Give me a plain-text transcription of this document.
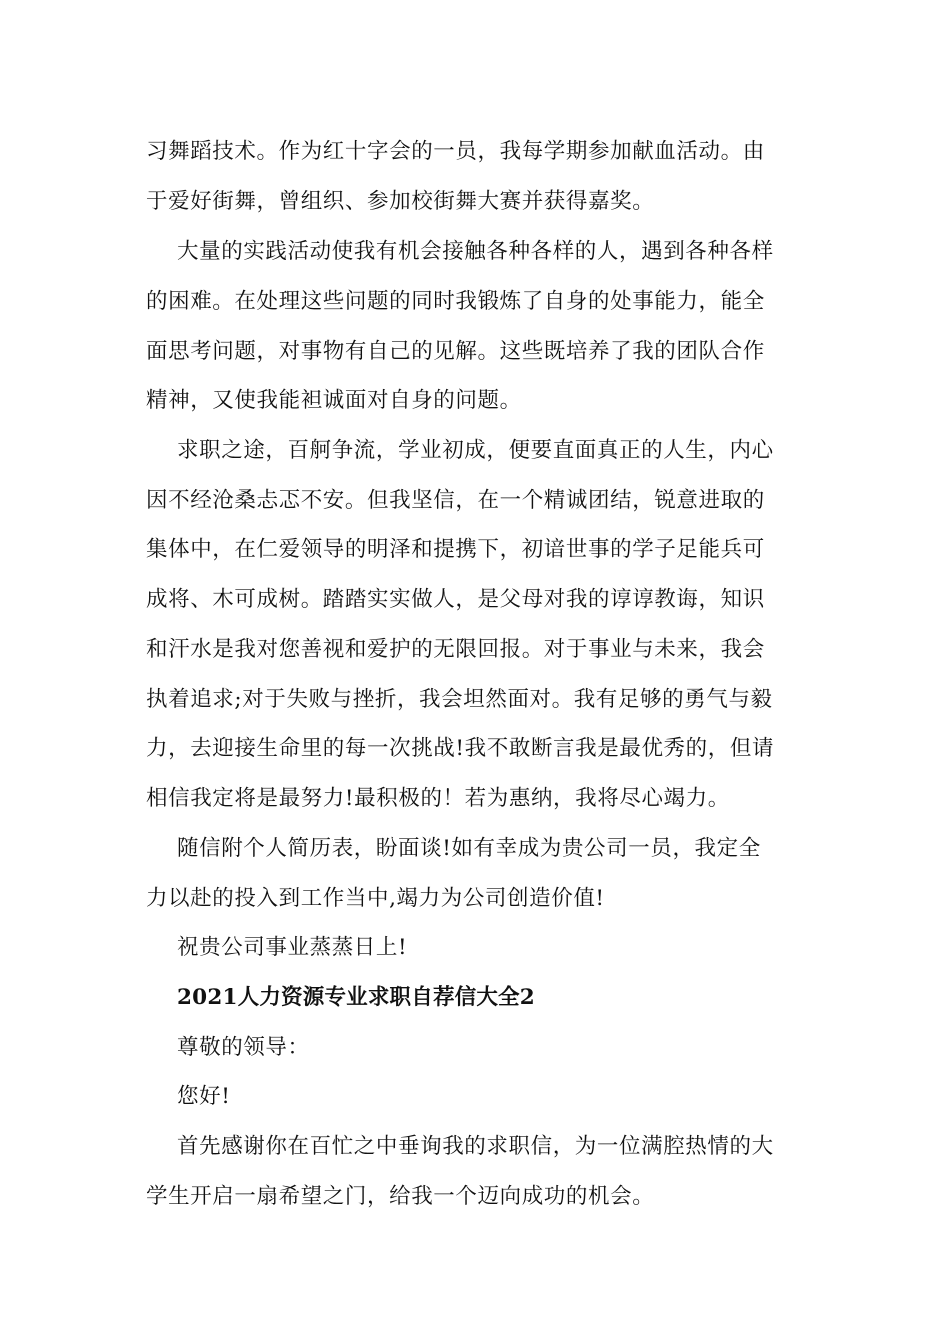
习舞蹈技术。作为红十字会的一员，我每学期参加献血活动。由
于爱好街舞，曾组织、参加校街舞大赛并获得嘉奖。
大量的实践活动使我有机会接触各种各样的人，遇到各种各样
的困难。在处理这些问题的同时我锻炼了自身的处事能力，能全
面思考问题，对事物有自己的见解。这些既培养了我的团队合作
精神，又使我能袒诚面对自身的问题。
求职之途，百舸争流，学业初成，便要直面真正的人生，内心
因不经沧桑忐忑不安。但我坚信，在一个精诚团结，锐意进取的
集体中，在仁爱领导的明泽和提携下，初谙世事的学子足能兵可
成将、木可成树。踏踏实实做人，是父母对我的谆谆教诲，知识
和汗水是我对您善视和爱护的无限回报。对于事业与未来，我会
执着追求;对于失败与挫折，我会坦然面对。我有足够的勇气与毅
力，去迎接生命里的每一次挑战!我不敢断言我是最优秀的，但请
相信我定将是最努力!最积极的！若为惠纳，我将尽心竭力。
随信附个人简历表，盼面谈!如有幸成为贵公司一员，我定全
力以赴的投入到工作当中,竭力为公司创造价值!
祝贵公司事业蒸蒸日上!
2021人力资源专业求职自荐信大全2
尊敬的领导：
您好!
首先感谢你在百忙之中垂询我的求职信，为一位满腔热情的大
学生开启一扇希望之门，给我一个迈向成功的机会。
